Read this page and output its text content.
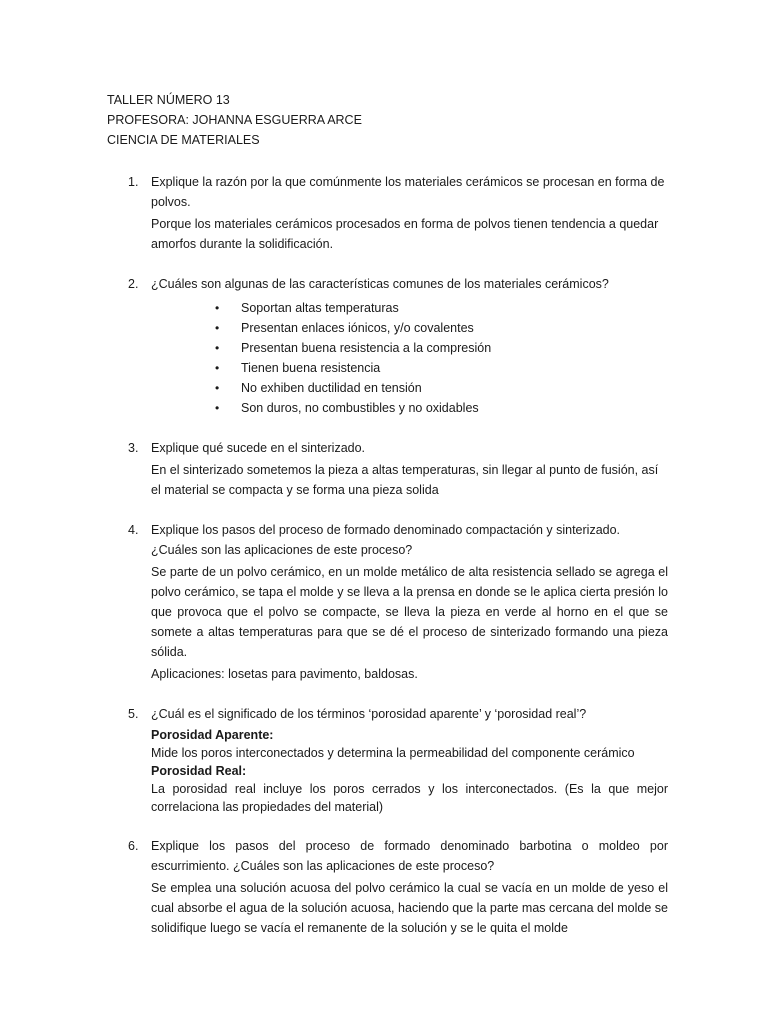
TALLER NÚMERO 13
PROFESORA: JOHANNA ESGUERRA ARCE
CIENCIA DE MATERIALES
1. Explique la razón por la que comúnmente los materiales cerámicos se procesan en forma de polvos.

Porque los materiales cerámicos procesados en forma de polvos tienen tendencia a quedar amorfos durante la solidificación.

2. ¿Cuáles son algunas de las características comunes de los materiales cerámicos?

• Soportan altas temperaturas
• Presentan enlaces iónicos, y/o covalentes
• Presentan buena resistencia a la compresión
• Tienen buena resistencia
• No exhiben ductilidad en tensión
• Son duros, no combustibles y no oxidables
3. Explique qué sucede en el sinterizado.

En el sinterizado sometemos la pieza a altas temperaturas, sin llegar al punto de fusión, así el material se compacta y se forma una pieza solida

4. Explique los pasos del proceso de formado denominado compactación y sinterizado. ¿Cuáles son las aplicaciones de este proceso?

Se parte de un polvo cerámico, en un molde metálico de alta resistencia sellado se agrega el polvo cerámico, se tapa el molde y se lleva a la prensa en donde se le aplica cierta presión lo que provoca que el polvo se compacte, se lleva la pieza en verde al horno en el que se somete a altas temperaturas para que se dé el proceso de sinterizado formando una pieza sólida.

Aplicaciones: losetas para pavimento, baldosas.

5. ¿Cuál es el significado de los términos ‘porosidad aparente’ y ‘porosidad real’?

Porosidad Aparente:

Mide los poros interconectados y determina la permeabilidad del componente cerámico

Porosidad Real:

La porosidad real incluye los poros cerrados y los interconectados. (Es la que mejor correlaciona las propiedades del material)

6. Explique los pasos del proceso de formado denominado barbotina o moldeo por escurrimiento. ¿Cuáles son las aplicaciones de este proceso?

Se emplea una solución acuosa del polvo cerámico la cual se vacía en un molde de yeso el cual absorbe el agua de la solución acuosa, haciendo que la parte mas cercana del molde se solidifique luego se vacía el remanente de la solución y se le quita el molde
